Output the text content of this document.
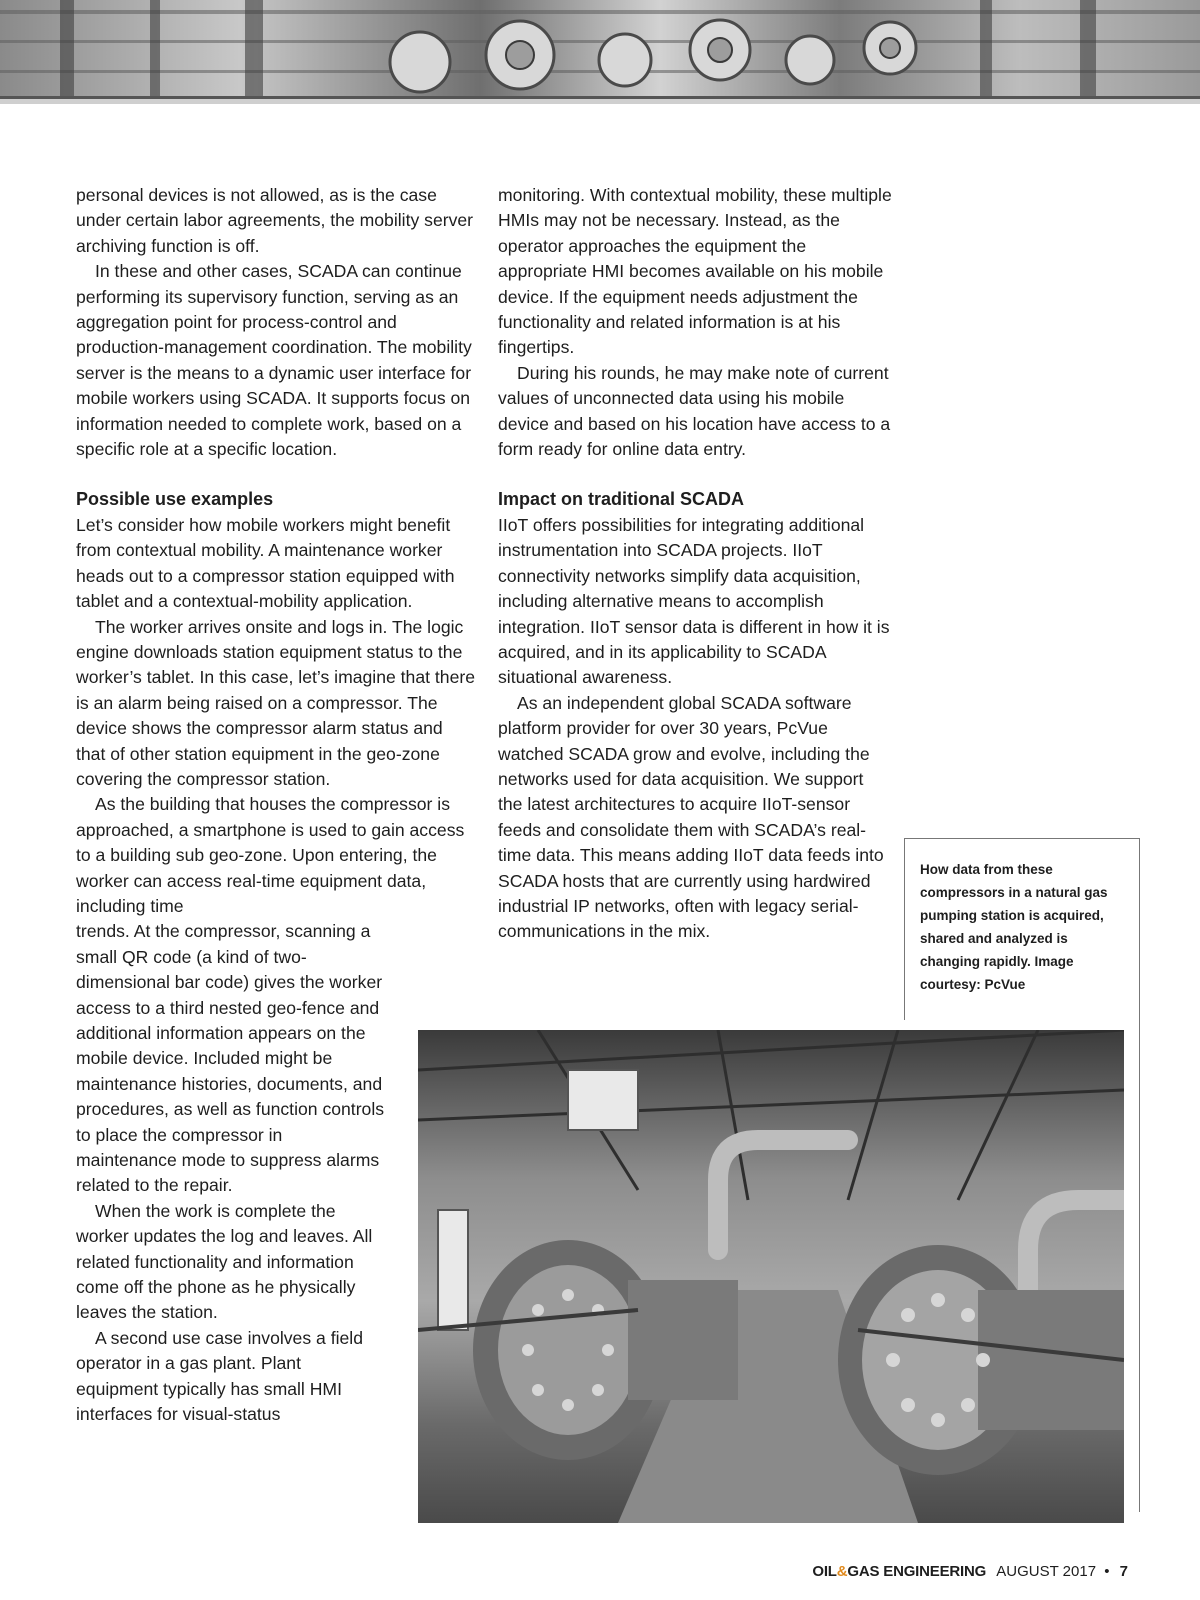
personal devices is not allowed, as is the case under certain labor agreements, the mobility server archiving function is off.

In these and other cases, SCADA can continue performing its supervisory function, serving as an aggregation point for process-control and production-management coordination. The mobility server is the means to a dynamic user interface for mobile workers using SCADA. It supports focus on information needed to complete work, based on a specific role at a specific location.

Possible use examples

Let’s consider how mobile workers might benefit from contextual mobility. A maintenance worker heads out to a compressor station equipped with tablet and a contextual-mobility application.

The worker arrives onsite and logs in. The logic engine downloads station equipment status to the worker’s tablet. In this case, let’s imagine that there is an alarm being raised on a compressor. The device shows the compressor alarm status and that of other station equipment in the geo-zone covering the compressor station.

As the building that houses the compressor is approached, a smartphone is used to gain access to a building sub geo-zone. Upon entering, the worker can access real-time equipment data, including time

trends. At the compressor, scanning a small QR code (a kind of two-dimensional bar code) gives the worker access to a third nested geo-fence and additional information appears on the mobile device. Included might be maintenance histories, documents, and procedures, as well as function controls to place the compressor in maintenance mode to suppress alarms related to the repair.

When the work is complete the worker updates the log and leaves. All related functionality and information come off the phone as he physically leaves the station.

A second use case involves a field operator in a gas plant. Plant equipment typically has small HMI interfaces for visual-status

monitoring. With contextual mobility, these multiple HMIs may not be necessary. Instead, as the operator approaches the equipment the appropriate HMI becomes available on his mobile device. If the equipment needs adjustment the functionality and related information is at his fingertips.

During his rounds, he may make note of current values of unconnected data using his mobile device and based on his location have access to a form ready for online data entry.

Impact on traditional SCADA

IIoT offers possibilities for integrating additional instrumentation into SCADA projects. IIoT connectivity networks simplify data acquisition, including alternative means to accomplish integration. IIoT sensor data is different in how it is acquired, and in its applicability to SCADA situational awareness.

As an independent global SCADA software platform provider for over 30 years, PcVue watched SCADA grow and evolve, including the networks used for data acquisition. We support the latest architectures to acquire IIoT-sensor feeds and consolidate them with SCADA’s real-time data. This means adding IIoT data feeds into SCADA hosts that are currently using hardwired industrial IP networks, often with legacy serial-communications in the mix.

How data from these compressors in a natural gas pumping station is acquired, shared and analyzed is changing rapidly. Image courtesy: PcVue
OIL&GAS ENGINEERING AUGUST 2017 • 7
